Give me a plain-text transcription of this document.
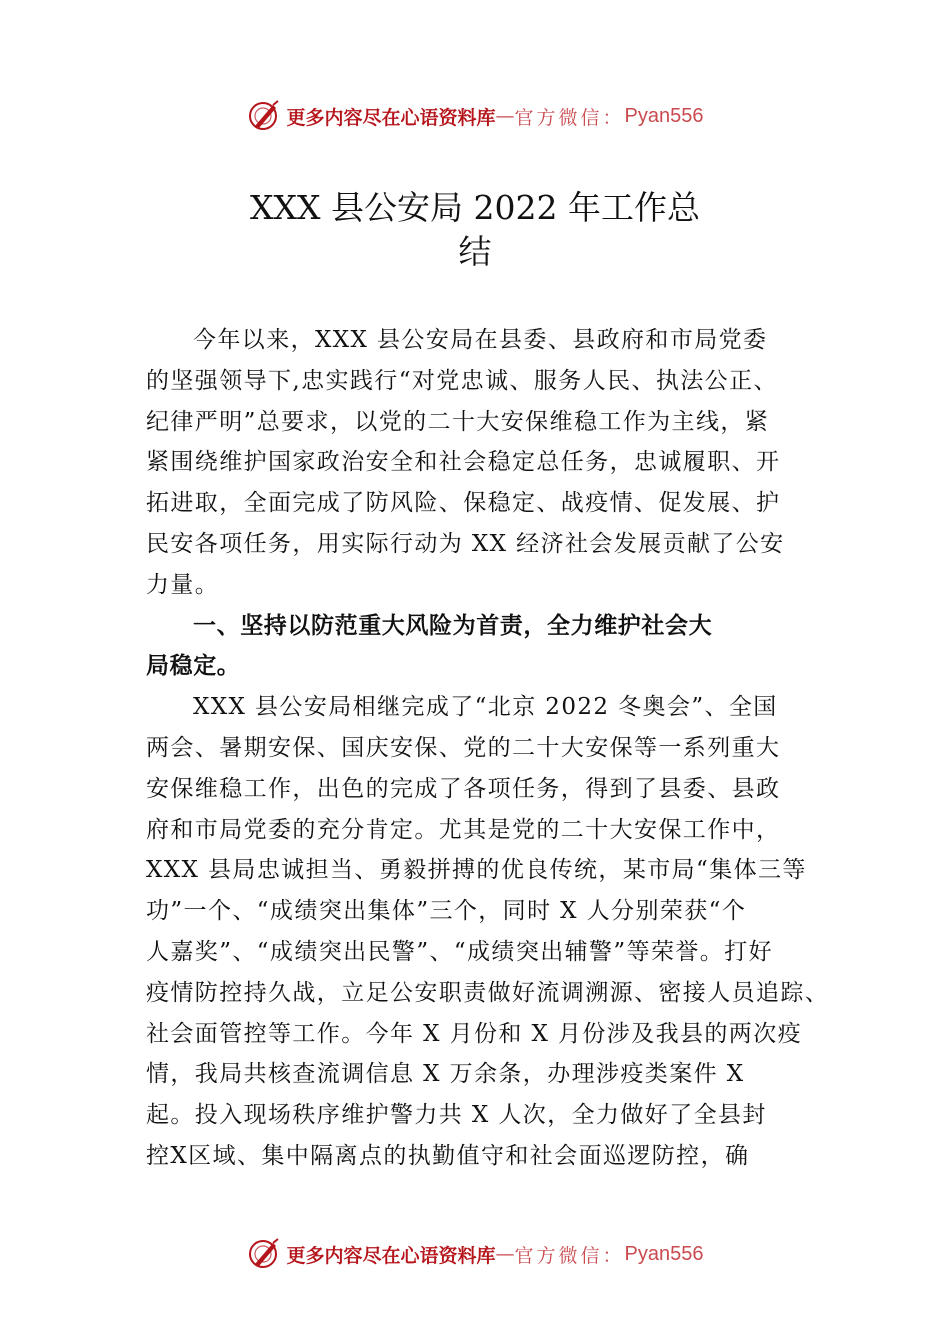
更多内容尽在心语资料库 — 官方微信： Pyan556
XXX 县公安局 2022 年工作总
结
今年以来，XXX 县公安局在县委、县政府和市局党委
的坚强领导下,忠实践行“对党忠诚、服务人民、执法公正、
纪律严明”总要求，以党的二十大安保维稳工作为主线，紧
紧围绕维护国家政治安全和社会稳定总任务，忠诚履职、开
拓进取，全面完成了防风险、保稳定、战疫情、促发展、护
民安各项任务，用实际行动为 XX 经济社会发展贡献了公安
力量。
一、坚持以防范重大风险为首责，全力维护社会大
局稳定。
XXX 县公安局相继完成了“北京 2022 冬奥会”、全国
两会、暑期安保、国庆安保、党的二十大安保等一系列重大
安保维稳工作，出色的完成了各项任务，得到了县委、县政
府和市局党委的充分肯定。尤其是党的二十大安保工作中，
XXX 县局忠诚担当、勇毅拼搏的优良传统，某市局“集体三等
功”一个、“成绩突出集体”三个，同时 X 人分别荣获“个
人嘉奖”、“成绩突出民警”、“成绩突出辅警”等荣誉。打好
疫情防控持久战，立足公安职责做好流调溯源、密接人员追踪、
社会面管控等工作。今年 X 月份和 X 月份涉及我县的两次疫
情，我局共核查流调信息 X 万余条，办理涉疫类案件 X
起。投入现场秩序维护警力共 X 人次，全力做好了全县封
控X区域、集中隔离点的执勤值守和社会面巡逻防控，确
更多内容尽在心语资料库 — 官方微信： Pyan556
